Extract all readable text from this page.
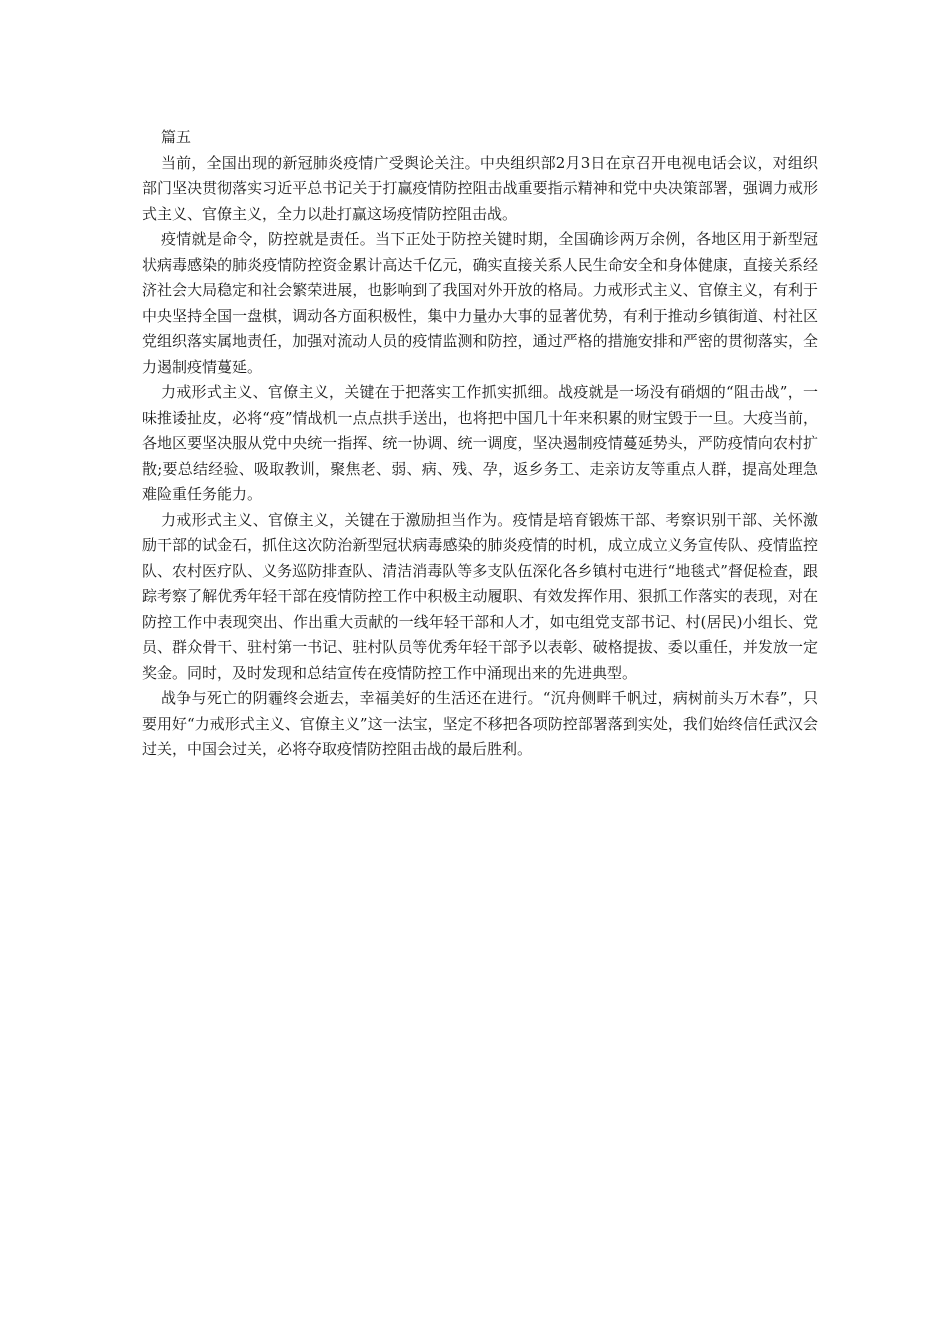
篇五

当前，全国出现的新冠肺炎疫情广受舆论关注。中央组织部2月3日在京召开电视电话会议，对组织部门坚决贯彻落实习近平总书记关于打赢疫情防控阻击战重要指示精神和党中央决策部署，强调力戒形式主义、官僚主义，全力以赴打赢这场疫情防控阻击战。

疫情就是命令，防控就是责任。当下正处于防控关键时期，全国确诊两万余例，各地区用于新型冠状病毒感染的肺炎疫情防控资金累计高达千亿元，确实直接关系人民生命安全和身体健康，直接关系经济社会大局稳定和社会繁荣进展，也影响到了我国对外开放的格局。力戒形式主义、官僚主义，有利于中央坚持全国一盘棋，调动各方面积极性，集中力量办大事的显著优势，有利于推动乡镇街道、村社区党组织落实属地责任，加强对流动人员的疫情监测和防控，通过严格的措施安排和严密的贯彻落实，全力遏制疫情蔓延。

力戒形式主义、官僚主义，关键在于把落实工作抓实抓细。战疫就是一场没有硝烟的“阻击战”，一味推诿扯皮，必将“疫”情战机一点点拱手送出，也将把中国几十年来积累的财宝毁于一旦。大疫当前，各地区要坚决服从党中央统一指挥、统一协调、统一调度，坚决遏制疫情蔓延势头，严防疫情向农村扩散;要总结经验、吸取教训，聚焦老、弱、病、残、孕，返乡务工、走亲访友等重点人群，提高处理急难险重任务能力。

力戒形式主义、官僚主义，关键在于激励担当作为。疫情是培育锻炼干部、考察识别干部、关怀激励干部的试金石，抓住这次防治新型冠状病毒感染的肺炎疫情的时机，成立成立义务宣传队、疫情监控队、农村医疗队、义务巡防排查队、清洁消毒队等多支队伍深化各乡镇村屯进行“地毯式”督促检查，跟踪考察了解优秀年轻干部在疫情防控工作中积极主动履职、有效发挥作用、狠抓工作落实的表现，对在防控工作中表现突出、作出重大贡献的一线年轻干部和人才，如屯组党支部书记、村(居民)小组长、党员、群众骨干、驻村第一书记、驻村队员等优秀年轻干部予以表彰、破格提拔、委以重任，并发放一定奖金。同时，及时发现和总结宣传在疫情防控工作中涌现出来的先进典型。

战争与死亡的阴霾终会逝去，幸福美好的生活还在进行。“沉舟侧畔千帆过，病树前头万木春”，只要用好“力戒形式主义、官僚主义”这一法宝，坚定不移把各项防控部署落到实处，我们始终信任武汉会过关，中国会过关，必将夺取疫情防控阻击战的最后胜利。
